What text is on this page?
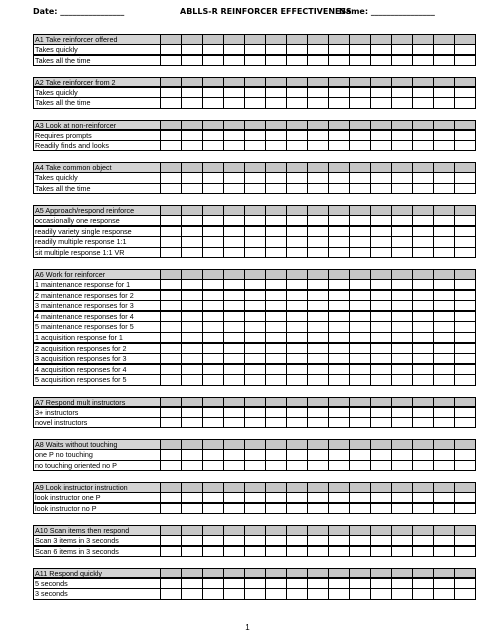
Date: ________________	ABLLS-R REINFORCER EFFECTIVENESS
Name: ________________
A1 Take reinforcer offered
Takes quickly
Takes all the time
A2 Take reinforcer from 2
Takes quickly
Takes all the time
A3 Look at non-reinforcer
Requires prompts
Readily finds and looks
A4 Take common object
Takes quickly
Takes all the time
A5 Approach/respond reinforce
occasionally one response
readily variety single response
readily multiple response 1:1
sit multiple response 1:1 VR
A6 Work for reinforcer
1 maintenance response for 1
2 maintenance responses for 2
3 maintenance responses for 3
4 maintenance responses for 4
5 maintenance responses for 5
1 acquisition response for 1
2 acquisition responses for 2
3 acquisition responses for 3
4 acquisition responses for 4
5 acquisition responses for 5
A7 Respond mult instructors
3+ instructors
novel instructors
A8 Waits without touching
one P no touching
no touching oriented no P
A9 Look instructor instruction
look instructor one P
look instructor no P
A10 Scan items then respond
Scan 3 items in 3 seconds
Scan 6 items in 3 seconds
A11 Respond quickly
5 seconds
3 seconds
1
